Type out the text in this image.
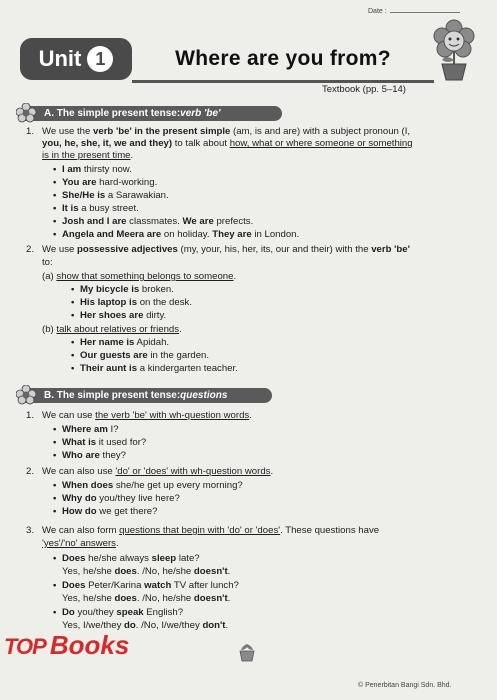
Date :
Unit 1	Where are you from?
Textbook (pp. 5–14)
A.
The simple present tense: verb 'be'
1. We use the verb 'be' in the present simple (am, is and are) with a subject pronoun (I,
you, he, she, it, we and they) to talk about how, what or where someone or something
is in the present time.
• I am thirsty now.
• You are hard-working.
• She/He is a Sarawakian.
• It is a busy street.
• Josh and I are classmates. We are prefects.
• Angela and Meera are on holiday. They are in London.
2. We use possessive adjectives (my, your, his, her, its, our and their) with the verb 'be'
to:
(a) show that something belongs to someone.
• My bicycle is broken.
• His laptop is on the desk.
• Her shoes are dirty.
(b) talk about relatives or friends.
• Her name is Apidah.
• Our guests are in the garden.
• Their aunt is a kindergarten teacher.
B.
The simple present tense: questions
1. We can use the verb 'be' with wh-question words.
• Where am I?
• What is it used for?
• Who are they?
2. We can also use 'do' or 'does' with wh-question words.
• When does she/he get up every morning?
• Why do you/they live here?
• How do we get there?
3. We can also form questions that begin with 'do' or 'does'. These questions have
'yes'/'no' answers.
• Does he/she always sleep late?
Yes, he/she does. /No, he/she doesn't.
• Does Peter/Karina watch TV after lunch?
Yes, he/she does. /No, he/she doesn't.
• Do you/they speak English?
Yes, I/we/they do. /No, I/we/they don't.
TOP Books
© Penerbitan Bangi Sdn. Bhd.
